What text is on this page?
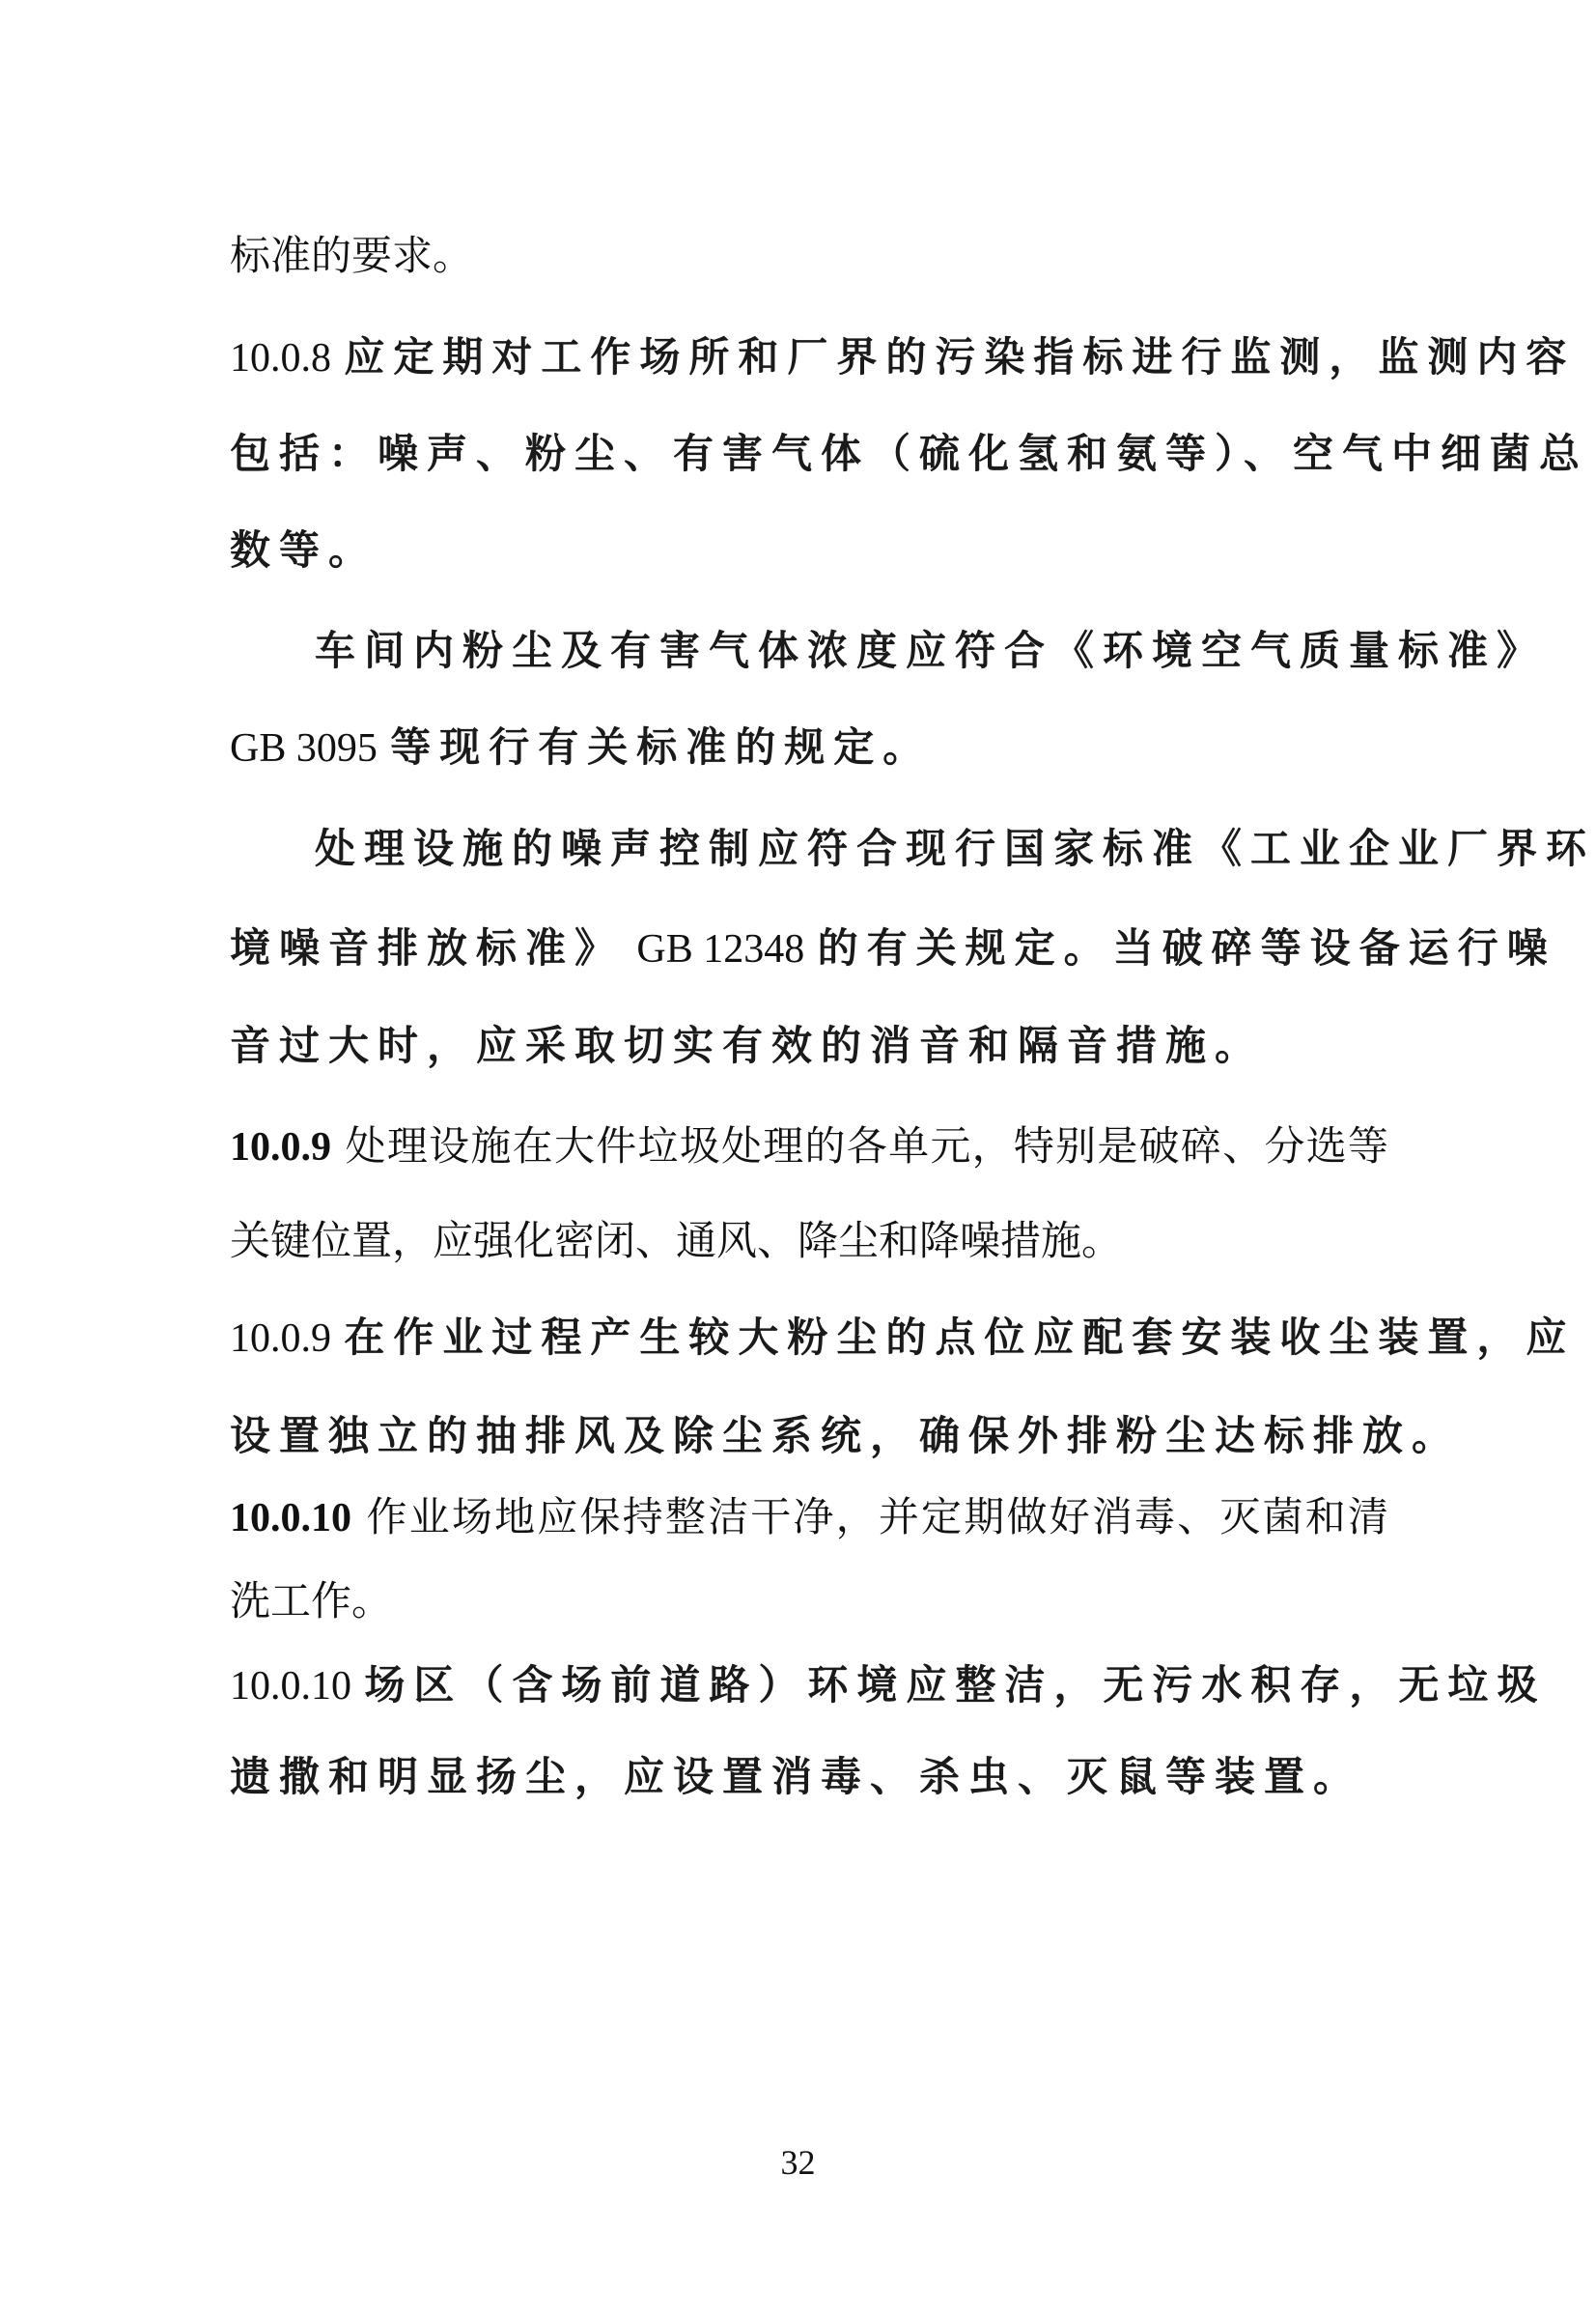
标准的要求。
10.0.8 应定期对工作场所和厂界的污染指标进行监测，监测内容
包括：噪声、粉尘、有害气体（硫化氢和氨等）、空气中细菌总
数等。
车间内粉尘及有害气体浓度应符合《环境空气质量标准》
GB 3095 等现行有关标准的规定。
处理设施的噪声控制应符合现行国家标准《工业企业厂界环
境噪音排放标准》 GB 12348 的有关规定。当破碎等设备运行噪
音过大时，应采取切实有效的消音和隔音措施。
10.0.9 处理设施在大件垃圾处理的各单元，特别是破碎、分选等
关键位置，应强化密闭、通风、降尘和降噪措施。
10.0.9 在作业过程产生较大粉尘的点位应配套安装收尘装置，应
设置独立的抽排风及除尘系统，确保外排粉尘达标排放。
10.0.10 作业场地应保持整洁干净，并定期做好消毒、灭菌和清
洗工作。
10.0.10 场区（含场前道路）环境应整洁，无污水积存，无垃圾
遗撒和明显扬尘，应设置消毒、杀虫、灭鼠等装置。
32
